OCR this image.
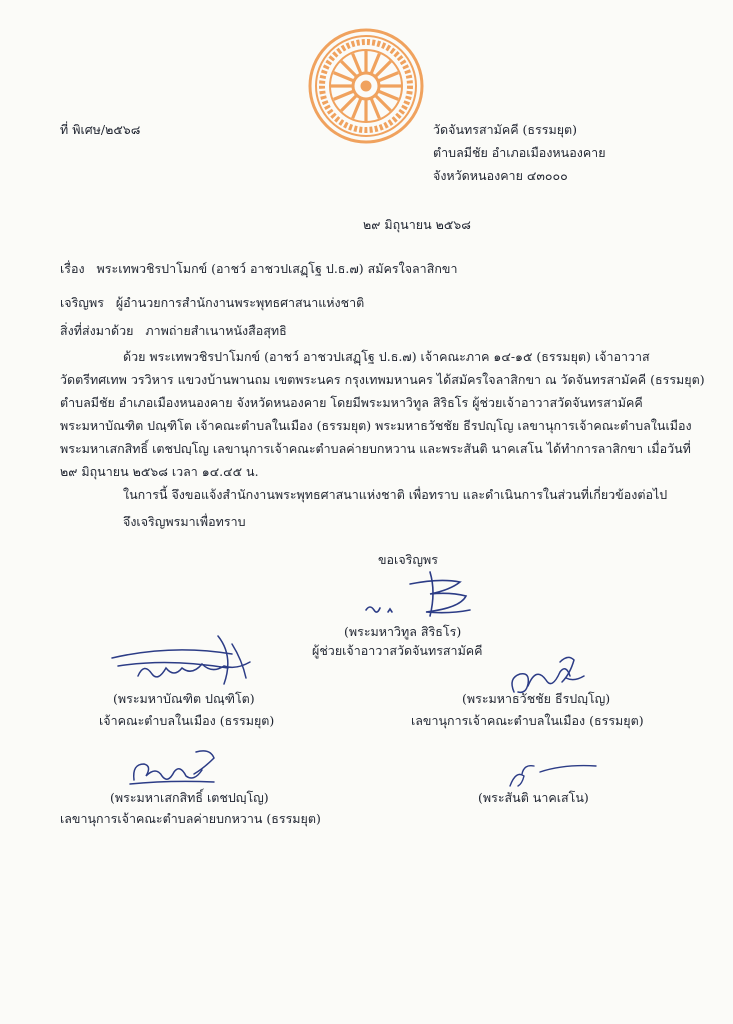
ที่ พิเศษ/๒๕๖๘	วัดจันทรสามัคคี (ธรรมยุต)
ตำบลมีชัย อำเภอเมืองหนองคาย
จังหวัดหนองคาย ๔๓๐๐๐
๒๙ มิถุนายน ๒๕๖๘
เรื่อง พระเทพวชิรปาโมกข์ (อาชว์ อาชวปเสฏฺโฐ ป.ธ.๗) สมัครใจลาสิกขา
เจริญพร ผู้อำนวยการสำนักงานพระพุทธศาสนาแห่งชาติ
สิ่งที่ส่งมาด้วย ภาพถ่ายสำเนาหนังสือสุทธิ
ด้วย พระเทพวชิรปาโมกข์ (อาชว์ อาชวปเสฏฺโฐ ป.ธ.๗) เจ้าคณะภาค ๑๔-๑๕ (ธรรมยุต) เจ้าอาวาส
วัดตรีทศเทพ วรวิหาร แขวงบ้านพานถม เขตพระนคร กรุงเทพมหานคร ได้สมัครใจลาสิกขา ณ วัดจันทรสามัคคี (ธรรมยุต)
ตำบลมีชัย อำเภอเมืองหนองคาย จังหวัดหนองคาย โดยมีพระมหาวิทูล สิริธโร ผู้ช่วยเจ้าอาวาสวัดจันทรสามัคคี
พระมหาบัณฑิต ปณฺฑิโต เจ้าคณะตำบลในเมือง (ธรรมยุต) พระมหาธวัชชัย ธีรปญฺโญ เลขานุการเจ้าคณะตำบลในเมือง
พระมหาเสกสิทธิ์ เตชปญฺโญ เลขานุการเจ้าคณะตำบลค่ายบกหวาน และพระสันติ นาคเสโน ได้ทำการลาสิกขา เมื่อวันที่
๒๙ มิถุนายน ๒๕๖๘ เวลา ๑๔.๔๕ น.
ในการนี้ จึงขอแจ้งสำนักงานพระพุทธศาสนาแห่งชาติ เพื่อทราบ และดำเนินการในส่วนที่เกี่ยวข้องต่อไป
จึงเจริญพรมาเพื่อทราบ
ขอเจริญพร
(พระมหาวิทูล สิริธโร)
ผู้ช่วยเจ้าอาวาสวัดจันทรสามัคคี
(พระมหาบัณฑิต ปณฺฑิโต)
เจ้าคณะตำบลในเมือง (ธรรมยุต)
(พระมหาธวัชชัย ธีรปญฺโญ)
เลขานุการเจ้าคณะตำบลในเมือง (ธรรมยุต)
(พระมหาเสกสิทธิ์ เตชปญฺโญ)
เลขานุการเจ้าคณะตำบลค่ายบกหวาน (ธรรมยุต)
(พระสันติ นาคเสโน)
